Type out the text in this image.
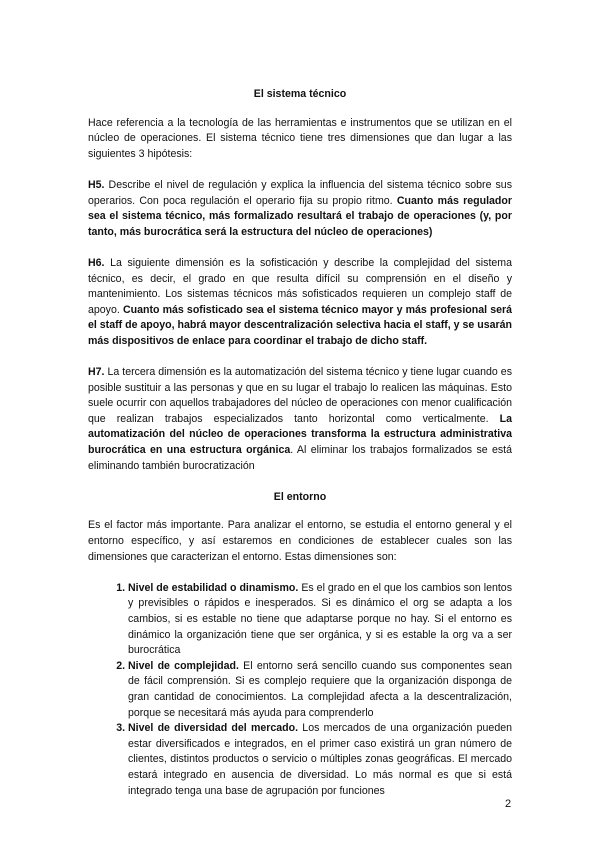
El sistema técnico

Hace referencia a la tecnología de las herramientas e instrumentos que se utilizan en el núcleo de operaciones. El sistema técnico tiene tres dimensiones que dan lugar a las siguientes 3 hipótesis:

H5. Describe el nivel de regulación y explica la influencia del sistema técnico sobre sus operarios. Con poca regulación el operario fija su propio ritmo. Cuanto más regulador sea el sistema técnico, más formalizado resultará el trabajo de operaciones (y, por tanto, más burocrática será la estructura del núcleo de operaciones)

H6. La siguiente dimensión es la sofisticación y describe la complejidad del sistema técnico, es decir, el grado en que resulta difícil su comprensión en el diseño y mantenimiento. Los sistemas técnicos más sofisticados requieren un complejo staff de apoyo. Cuanto más sofisticado sea el sistema técnico mayor y más profesional será el staff de apoyo, habrá mayor descentralización selectiva hacia el staff, y se usarán más dispositivos de enlace para coordinar el trabajo de dicho staff.

H7. La tercera dimensión es la automatización del sistema técnico y tiene lugar cuando es posible sustituir a las personas y que en su lugar el trabajo lo realicen las máquinas. Esto suele ocurrir con aquellos trabajadores del núcleo de operaciones con menor cualificación que realizan trabajos especializados tanto horizontal como verticalmente. La automatización del núcleo de operaciones transforma la estructura administrativa burocrática en una estructura orgánica. Al eliminar los trabajos formalizados se está eliminando también burocratización

El entorno

Es el factor más importante. Para analizar el entorno, se estudia el entorno general y el entorno específico, y así estaremos en condiciones de establecer cuales son las dimensiones que caracterizan el entorno. Estas dimensiones son:

1. Nivel de estabilidad o dinamismo. Es el grado en el que los cambios son lentos y previsibles o rápidos e inesperados. Si es dinámico el org se adapta a los cambios, si es estable no tiene que adaptarse porque no hay. Si el entorno es dinámico la organización tiene que ser orgánica, y si es estable la org va a ser burocrática
2. Nivel de complejidad. El entorno será sencillo cuando sus componentes sean de fácil comprensión. Si es complejo requiere que la organización disponga de gran cantidad de conocimientos. La complejidad afecta a la descentralización, porque se necesitará más ayuda para comprenderlo
3. Nivel de diversidad del mercado. Los mercados de una organización pueden estar diversificados e integrados, en el primer caso existirá un gran número de clientes, distintos productos o servicio o múltiples zonas geográficas. El mercado estará integrado en ausencia de diversidad. Lo más normal es que si está integrado tenga una base de agrupación por funciones
2
